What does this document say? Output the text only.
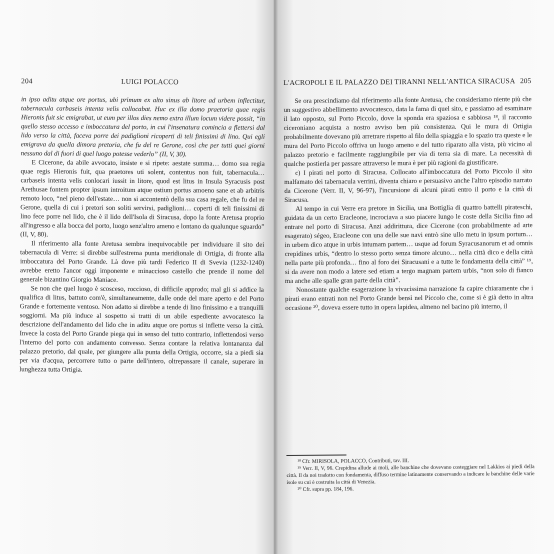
204	LUIGI POLACCO

in ipso aditu atque ore portus, ubi primum ex alto sinus ab litore ad urbem inflectitur, tabernacula carbaseis intenta velis collocabat. Huc ex illa domo praetoria quae regis Hieronis fuit sic emigrabat, ut eum per illos dies nemo extra illum locum videre possit, “in quello stesso accesso e imboccatura del porto, in cui l'insenatura comincia a flettersi dal lido verso la città, faceva porre dei padiglioni ricoperti di teli finissimi di lino. Qui egli emigrava da quella dimora pretoria, che fu del re Gerone, così che per tutti quei giorni nessuno dal di fuori di quel luogo potesse vederlo” (II, V, 30).

E Cicerone, da abile avvocato, insiste e si ripete: aestate summa… domo sua regia quae regis Hieronis fuit, qua praetores uti solent, contentus non fuit, tabernacula… carbaseis intenta velis conlocari iussit in litore, quod est litus in Insula Syracusis post Arethusae fontem propter ipsum introitum atque ostium portus amoeno sane et ab arbitris remoto loco, “nel pieno dell'estate… non si accontentò della sua casa regale, che fu del re Gerone, quella di cui i pretori son soliti servirsi, padiglioni… coperti di teli finissimi di lino fece porre nel lido, che è il lido dell'Isola di Siracusa, dopo la fonte Aretusa proprio all'ingresso e alla bocca del porto, luogo senz'altro ameno e lontano da qualunque sguardo” (II, V, 80).

Il riferimento alla fonte Aretusa sembra inequivocabile per individuare il sito dei tabernacula di Verre: si direbbe sull'estrema punta meridionale di Ortigia, di fronte alla imboccatura del Porto Grande. Là dove più tardi Federico II di Svevia (1232-1240) avrebbe eretto l'ancor oggi imponente e minaccioso castello che prende il nome del generale bizantino Giorgio Maniace.

Se non che quel luogo è scosceso, roccioso, di difficile approdo; mal gli si addice la qualifica di litus, battuto com'è, simultaneamente, dalle onde del mare aperto e del Porto Grande e fortemente ventoso. Non adatto si direbbe a tende di lino finissimo e a tranquilli soggiorni. Ma più induce al sospetto si tratti di un abile espediente avvocatesco la descrizione dell'andamento del lido che in aditu atque ore portus si inflette verso la città. Invece la costa del Porto Grande piega qui in senso del tutto contrario, inflettendosi verso l'interno del porto con andamento convesso. Senza contare la relativa lontananza dal palazzo pretorio, dal quale, per giungere alla punta della Ortigia, occorre, sia a piedi sia per via d'acqua, percorrere tutto o parte dell'intero, oltrepassare il canale, superare in lunghezza tutta Ortigia.

L'ACROPOLI E IL PALAZZO DEI TIRANNI NELL'ANTICA SIRACUSA 205

Se ora prescindiamo dal riferimento alla fonte Aretusa, che consideriamo niente più che un suggestivo abbellimento avvocatesco, data la fama di quel sito, e passiamo ad esaminare il lato opposto, sul Porto Piccolo, dove la sponda era spaziosa e sabbiosa ¹⁸, il racconto ciceroniano acquista a nostro avviso ben più consistenza. Qui le mura di Ortigia probabilmente dovevano più arretrare rispetto al filo della spiaggia e lo spazio tra queste e le mura del Porto Piccolo offriva un luogo ameno e del tutto riparato alla vista, più vicino al palazzo pretorio e facilmente raggiungibile per via di terra sia di mare. La necessità di qualche postierla per passare attraverso le mura è per più ragioni da giustificare.

c) I pirati nel porto di Siracusa. Collocato all'imboccatura del Porto Piccolo il sito malfamato dei tabernacula verrini, diventa chiaro e persuasivo anche l'altro episodio narrato da Cicerone (Verr. II, V, 96-97), l'incursione di alcuni pirati entro il porto e la città di Siracusa.

Al tempo in cui Verre era pretore in Sicilia, una Bottiglia di quattro battelli pirateschi, guidata da un certo Eracleone, incrociava a suo piacere lungo le coste della Sicilia fino ad entrare nel porto di Siracusa. Anzi addirittura, dice Cicerone (con probabilmente ad arte esagerato) ségeo, Eracleone con una delle sue navi entrò sine ullo metu in ipsum portum… in urbem dico atque in urbis intumam partem… usque ad forum Syracusanorum et ad omnis crepidines urbis, “dentro lo stesso porto senza timore alcuno… nella città dico e della città nella parte più profonda… fino al foro dei Siracusani e a tutte le fondamenta della città” ¹⁹, si da avere non modo a latere sed etiam a tergo magnam partem urbis, “non solo di fianco ma anche alle spalle gran parte della città”.

Nonostante qualche esagerazione la vivacissima narrazione fa capire chiaramente che i pirati erano entrati non nel Porto Grande bensì nel Piccolo che, come si è già detto in altra occasione ²⁰, doveva essere tutto in opera lapidea, almeno nel bacino più interno, il

¹⁸ Cfr. MIRISOLA, POLACCO, Contributi, tav. III.

¹⁹ Verr. II, V, 96. Crepidina allude ai moli, alle banchine che dovevano costeggiare nel Lakkios ai piedi della città. Il da noi tradotto con fondamenta, diffuso termine latinamente conservando a indicare le banchine delle varie isole su cui è costruita la città di Venezia.

²⁰ Cfr. supra pp. 184, 196.
